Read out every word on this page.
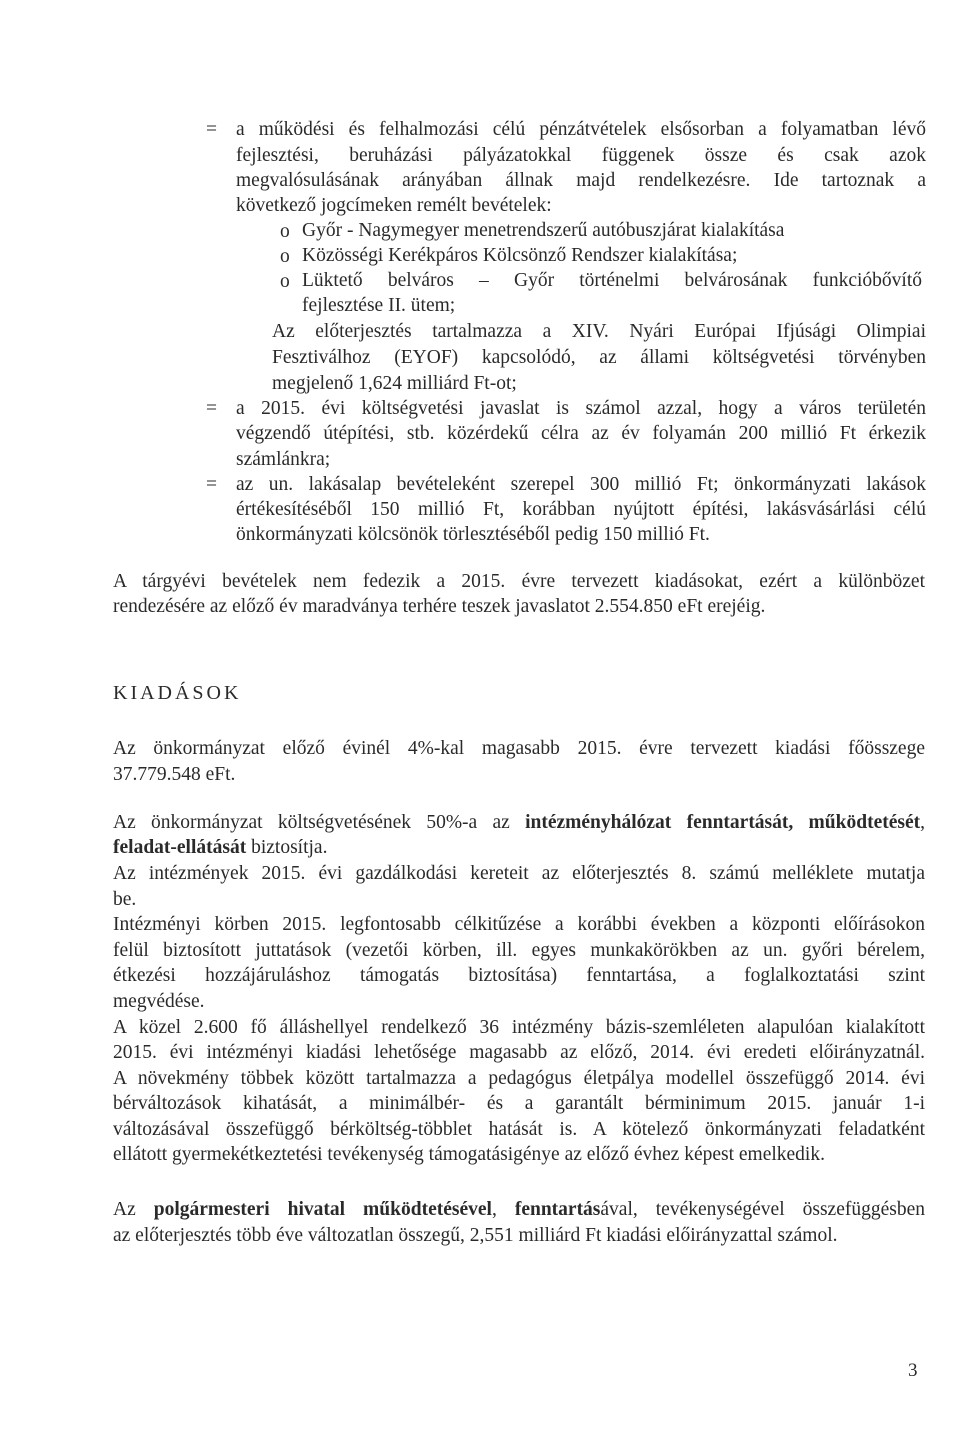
= a működési és felhalmozási célú pénzátvételek elsősorban a folyamatban lévő
fejlesztési, beruházási pályázatokkal függenek össze és csak azok
megvalósulásának arányában állnak majd rendelkezésre. Ide tartoznak a
következő jogcímeken remélt bevételek:
o Győr - Nagymegyer menetrendszerű autóbuszjárat kialakítása
o Közösségi Kerékpáros Kölcsönző Rendszer kialakítása;
o Lüktető belváros – Győr történelmi belvárosának funkcióbővítő
fejlesztése II. ütem;
Az előterjesztés tartalmazza a XIV. Nyári Európai Ifjúsági Olimpiai
Fesztiválhoz (EYOF) kapcsolódó, az állami költségvetési törvényben
megjelenő 1,624 milliárd Ft-ot;
= a 2015. évi költségvetési javaslat is számol azzal, hogy a város területén
végzendő útépítési, stb. közérdekű célra az év folyamán 200 millió Ft érkezik
számlánkra;
= az un. lakásalap bevételeként szerepel 300 millió Ft; önkormányzati lakások
értékesítéséből 150 millió Ft, korábban nyújtott építési, lakásvásárlási célú
önkormányzati kölcsönök törlesztéséből pedig 150 millió Ft.
A tárgyévi bevételek nem fedezik a 2015. évre tervezett kiadásokat, ezért a különbözet
rendezésére az előző év maradványa terhére teszek javaslatot 2.554.850 eFt erejéig.
KIADÁSOK
Az önkormányzat előző évinél 4%-kal magasabb 2015. évre tervezett kiadási főösszege
37.779.548 eFt.
Az önkormányzat költségvetésének 50%-a az intézményhálózat fenntartását, működtetését,
feladat-ellátását biztosítja.
Az intézmények 2015. évi gazdálkodási kereteit az előterjesztés 8. számú melléklete mutatja
be.
Intézményi körben 2015. legfontosabb célkitűzése a korábbi években a központi előírásokon
felül biztosított juttatások (vezetői körben, ill. egyes munkakörökben az un. győri bérelem,
étkezési hozzájáruláshoz támogatás biztosítása) fenntartása, a foglalkoztatási szint
megvédése.
A közel 2.600 fő álláshellyel rendelkező 36 intézmény bázis-szemléleten alapulóan kialakított
2015. évi intézményi kiadási lehetősége magasabb az előző, 2014. évi eredeti előirányzatnál.
A növekmény többek között tartalmazza a pedagógus életpálya modellel összefüggő 2014. évi
bérváltozások kihatását, a minimálbér- és a garantált bérminimum 2015. január 1-i
változásával összefüggő bérköltség-többlet hatását is. A kötelező önkormányzati feladatként
ellátott gyermekétkeztetési tevékenység támogatásigénye az előző évhez képest emelkedik.
Az polgármesteri hivatal működtetésével, fenntartásával, tevékenységével összefüggésben
az előterjesztés több éve változatlan összegű, 2,551 milliárd Ft kiadási előirányzattal számol.
3
